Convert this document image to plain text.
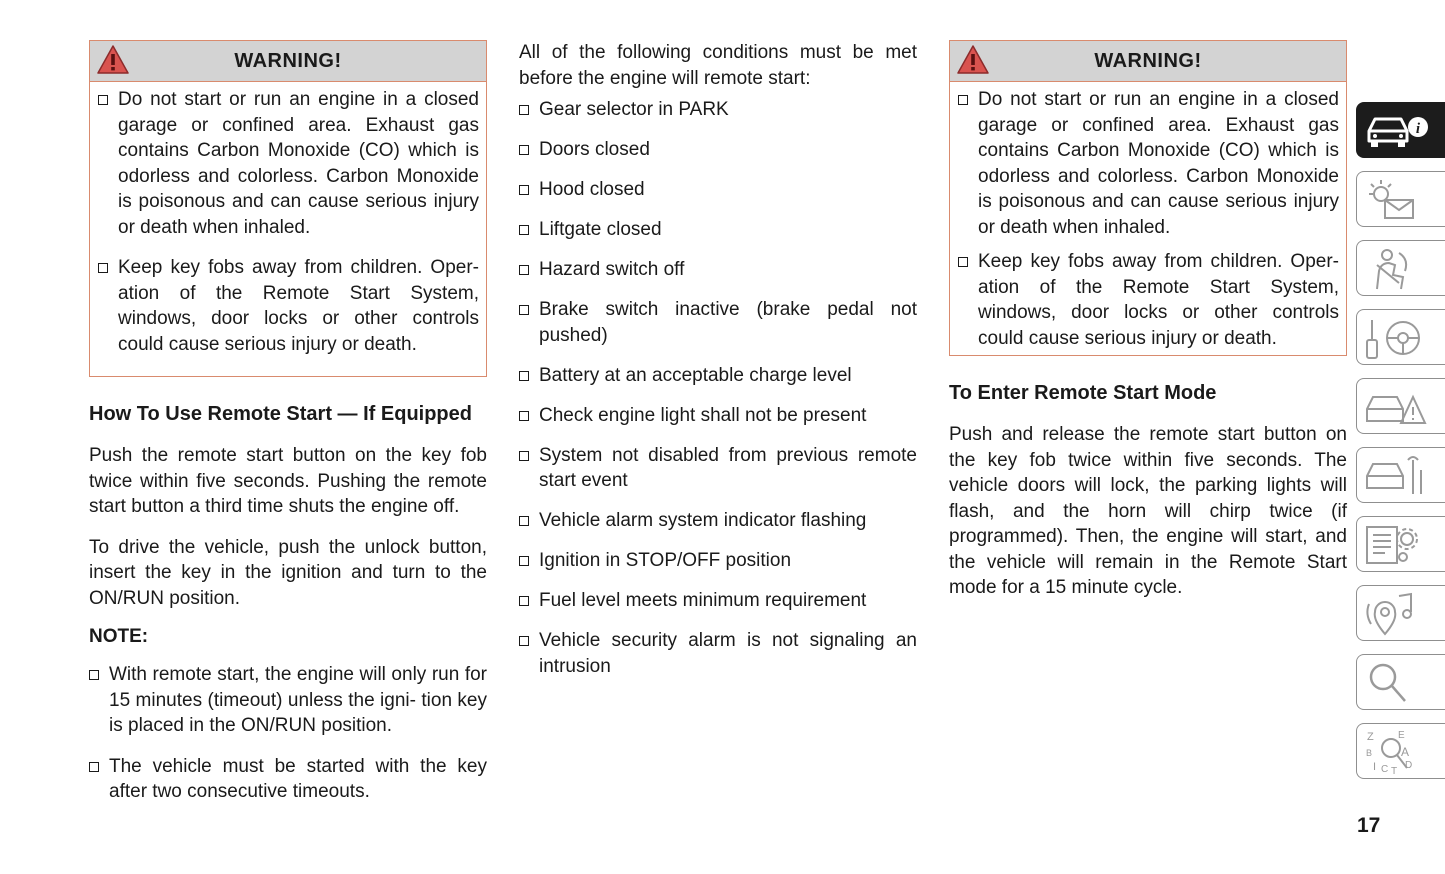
WARNING!
Do not start or run an engine in a closed garage or confined area. Exhaust gas contains Carbon Monoxide (CO) which is odorless and colorless. Carbon Monoxide is poisonous and can cause serious injury or death when inhaled.
Keep key fobs away from children. Oper- ation of the Remote Start System, windows, door locks or other controls could cause serious injury or death.
How To Use Remote Start — If Equipped

Push the remote start button on the key fob twice within five seconds. Pushing the remote start button a third time shuts the engine off.

To drive the vehicle, push the unlock button, insert the key in the ignition and turn to the ON/RUN position.

NOTE:
With remote start, the engine will only run for 15 minutes (timeout) unless the igni- tion key is placed in the ON/RUN position.
The vehicle must be started with the key after two consecutive timeouts.

All of the following conditions must be met before the engine will remote start:

Gear selector in PARK
Doors closed
Hood closed
Liftgate closed
Hazard switch off
Brake switch inactive (brake pedal not pushed)
Battery at an acceptable charge level
Check engine light shall not be present
System not disabled from previous remote start event
Vehicle alarm system indicator flashing
Ignition in STOP/OFF position
Fuel level meets minimum requirement
Vehicle security alarm is not signaling an intrusion
WARNING!
Do not start or run an engine in a closed garage or confined area. Exhaust gas contains Carbon Monoxide (CO) which is odorless and colorless. Carbon Monoxide is poisonous and can cause serious injury or death when inhaled.
Keep key fobs away from children. Oper- ation of the Remote Start System, windows, door locks or other controls could cause serious injury or death.
To Enter Remote Start Mode

Push and release the remote start button on the key fob twice within five seconds. The vehicle doors will lock, the parking lights will flash, and the horn will chirp twice (if programmed). Then, the engine will start, and the vehicle will remain in the Remote Start mode for a 15 minute cycle.

i
Z
B
I C T
A
E
D
17
